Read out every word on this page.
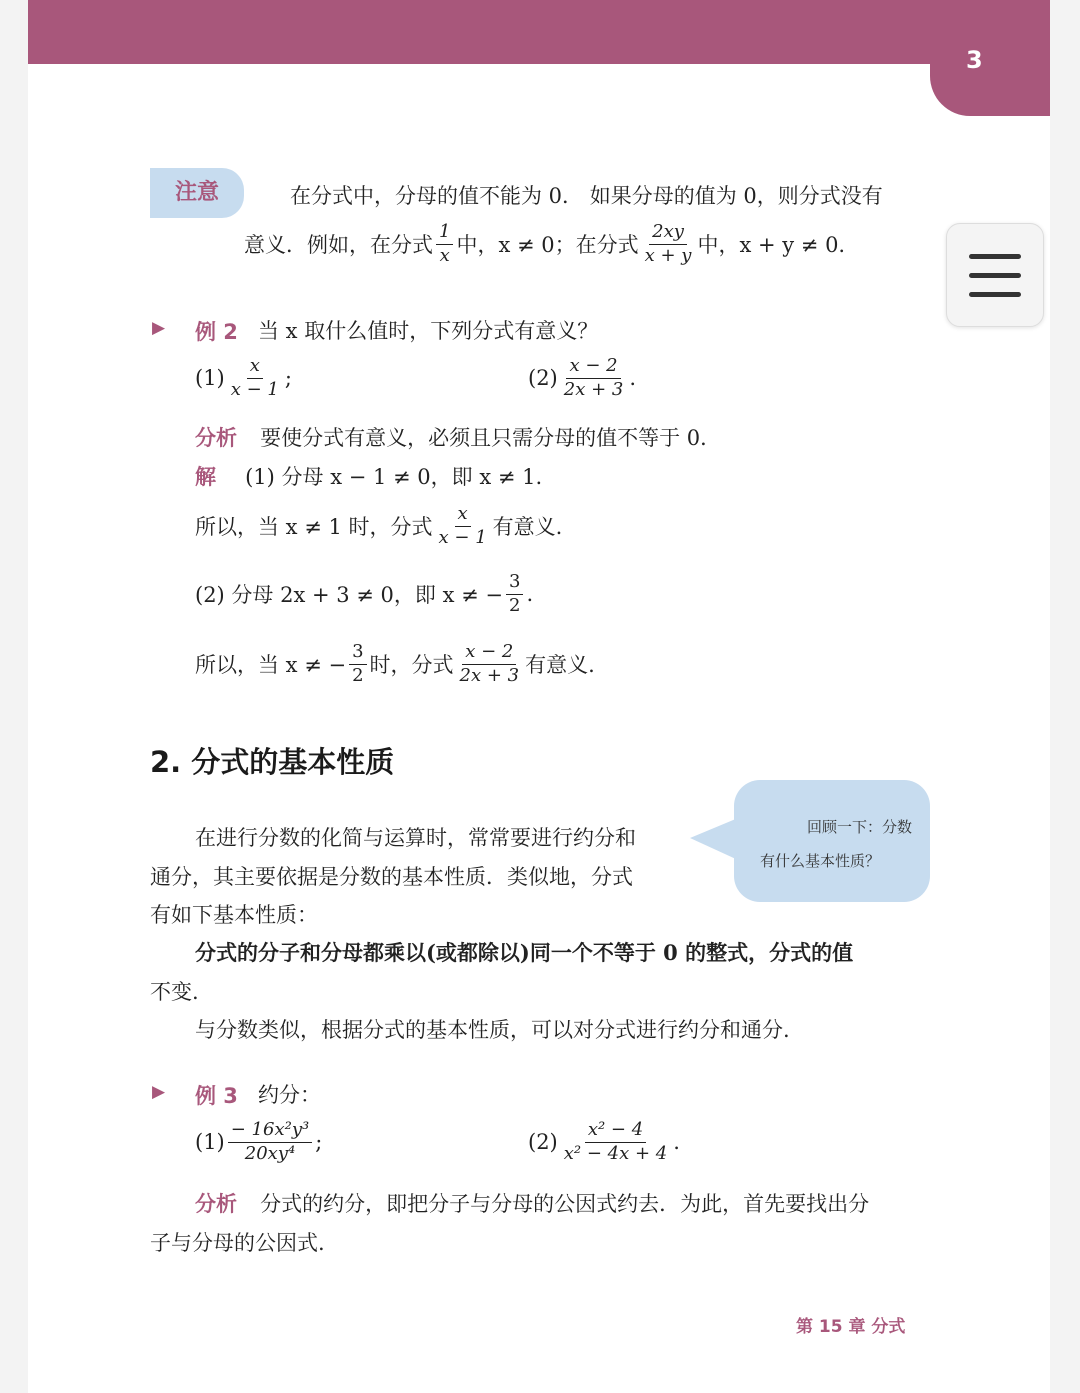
3
注意	在分式中，分母的值不能为 0． 如果分母的值为 0，则分式没有
意义．例如，在分式 $\frac{1}{x}$ 中，x ≠ 0；在分式 $\frac{2xy}{x + y}$ 中，x + y ≠ 0.
▶ 例 2 当 x 取什么值时，下列分式有意义？
$(1) \frac{x}{x - 1}$ ;	$(2) \frac{x - 2}{2x + 3}$ .
分析 要使分式有意义，必须且只需分母的值不等于 0．
解 (1) 分母 x − 1 ≠ 0，即 x ≠ 1.
所以，当 x ≠ 1 时，分式 $\frac{x}{x - 1}$ 有意义.
(2) 分母 2x + 3 ≠ 0，即 x ≠ − $\frac{3}{2}$ .
所以，当 x ≠ − $\frac{3}{2}$ 时，分式 $\frac{x - 2}{2x + 3}$ 有意义.
2. 分式的基本性质
回顾一下：分数
有什么基本性质？
在进行分数的化简与运算时，常常要进行约分和
通分，其主要依据是分数的基本性质．类似地，分式
有如下基本性质：
分式的分子和分母都乘以(或都除以)同一个不等于 0 的整式，分式的值
不变.
与分数类似，根据分式的基本性质，可以对分式进行约分和通分.
▶ 例 3 约分：
$(1) \frac{\text{− 16x²y³}}{\text{20xy⁴}}$ ;	$(2) \frac{\text{x² − 4}}{\text{x² − 4x + 4}}$ .
分析 分式的约分，即把分子与分母的公因式约去．为此，首先要找出分
子与分母的公因式.
第 15 章 分式
